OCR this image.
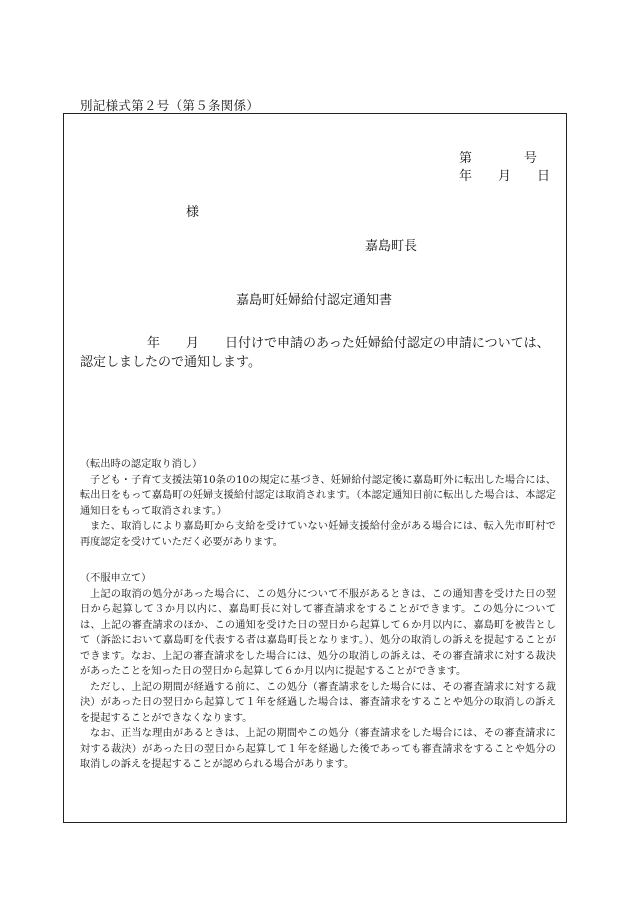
別記様式第２号（第５条関係）
第　　　　号
年　　月　　日
様
嘉島町長
嘉島町妊婦給付認定通知書
年　　月　　日付けで申請のあった妊婦給付認定の申請については、認定しましたので通知します。

（転出時の認定取り消し）

子ども・子育て支援法第10条の10の規定に基づき、妊婦給付認定後に嘉島町外に転出した場合には、転出日をもって嘉島町の妊婦支援給付認定は取消されます。（本認定通知日前に転出した場合は、本認定通知日をもって取消されます。）

また、取消しにより嘉島町から支給を受けていない妊婦支援給付金がある場合には、転入先市町村で再度認定を受けていただく必要があります。

（不服申立て）

上記の取消の処分があった場合に、この処分について不服があるときは、この通知書を受けた日の翌日から起算して３か月以内に、嘉島町長に対して審査請求をすることができます。この処分については、上記の審査請求のほか、この通知を受けた日の翌日から起算して６か月以内に、嘉島町を被告として（訴訟において嘉島町を代表する者は嘉島町長となります。）、処分の取消しの訴えを提起することができます。なお、上記の審査請求をした場合には、処分の取消しの訴えは、その審査請求に対する裁決があったことを知った日の翌日から起算して６か月以内に提起することができます。

ただし、上記の期間が経過する前に、この処分（審査請求をした場合には、その審査請求に対する裁決）があった日の翌日から起算して１年を経過した場合は、審査請求をすることや処分の取消しの訴えを提起することができなくなります。

なお、正当な理由があるときは、上記の期間やこの処分（審査請求をした場合には、その審査請求に対する裁決）があった日の翌日から起算して１年を経過した後であっても審査請求をすることや処分の取消しの訴えを提起することが認められる場合があります。
